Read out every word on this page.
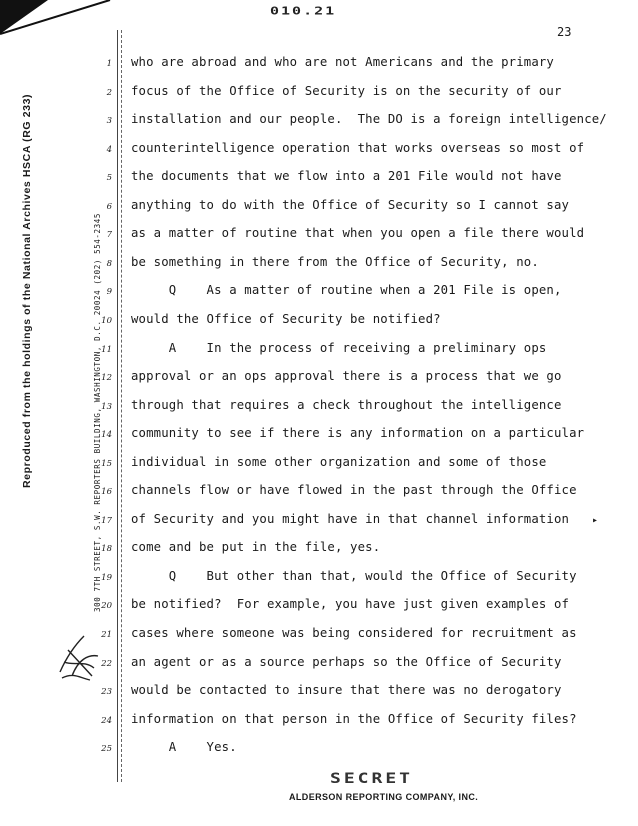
010.21
23
Reproduced from the holdings of the National Archives HSCA (RG 233)	300 7TH STREET, S.W. REPORTERS BUILDING, WASHINGTON, D.C. 20024 (202) 554-2345
1 who are abroad and who are not Americans and the primary
2 focus of the Office of Security is on the security of our
3 installation and our people.  The DO is a foreign intelligence/
4 counterintelligence operation that works overseas so most of
5 the documents that we flow into a 201 File would not have
6 anything to do with the Office of Security so I cannot say
7 as a matter of routine that when you open a file there would
8 be something in there from the Office of Security, no.
9 Q    As a matter of routine when a 201 File is open,
10 would the Office of Security be notified?
11 A    In the process of receiving a preliminary ops
12 approval or an ops approval there is a process that we go
13 through that requires a check throughout the intelligence
14 community to see if there is any information on a particular
15 individual in some other organization and some of those
16 channels flow or have flowed in the past through the Office
17 of Security and you might have in that channel information
18 come and be put in the file, yes.
19 Q    But other than that, would the Office of Security
20 be notified?  For example, you have just given examples of
21 cases where someone was being considered for recruitment as
22 an agent or as a source perhaps so the Office of Security
23 would be contacted to insure that there was no derogatory
24 information on that person in the Office of Security files?
25 A    Yes.
▸
SECRET
ALDERSON REPORTING COMPANY, INC.
